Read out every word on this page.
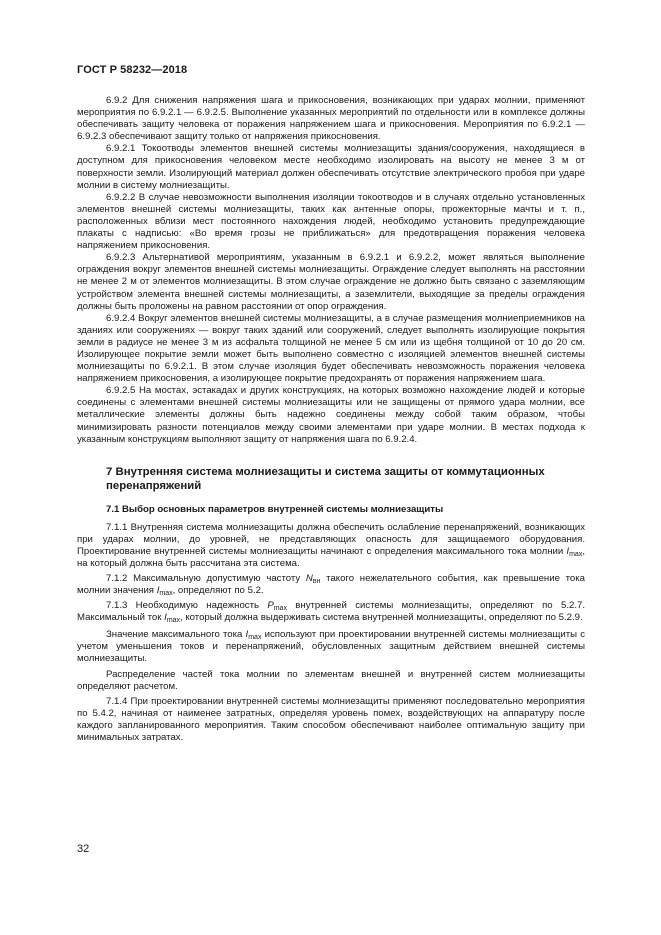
ГОСТ Р 58232—2018

6.9.2 Для снижения напряжения шага и прикосновения, возникающих при ударах молнии, применяют мероприятия по 6.9.2.1 — 6.9.2.5. Выполнение указанных мероприятий по отдельности или в комплексе должны обеспечивать защиту человека от поражения напряжением шага и прикосновения. Мероприятия по 6.9.2.1 — 6.9.2.3 обеспечивают защиту только от напряжения прикосновения.

6.9.2.1 Токоотводы элементов внешней системы молниезащиты здания/сооружения, находящиеся в доступном для прикосновения человеком месте необходимо изолировать на высоту не менее 3 м от поверхности земли. Изолирующий материал должен обеспечивать отсутствие электрического пробоя при ударе молнии в систему молниезащиты.

6.9.2.2 В случае невозможности выполнения изоляции токоотводов и в случаях отдельно установленных элементов внешней системы молниезащиты, таких как антенные опоры, прожекторные мачты и т. п., расположенных вблизи мест постоянного нахождения людей, необходимо установить предупреждающие плакаты с надписью: «Во время грозы не приближаться» для предотвращения поражения человека напряжением прикосновения.

6.9.2.3 Альтернативой мероприятиям, указанным в 6.9.2.1 и 6.9.2.2, может являться выполнение ограждения вокруг элементов внешней системы молниезащиты. Ограждение следует выполнять на расстоянии не менее 2 м от элементов молниезащиты. В этом случае ограждение не должно быть связано с заземляющим устройством элемента внешней системы молниезащиты, а заземлители, выходящие за пределы ограждения должны быть проложены на равном расстоянии от опор ограждения.

6.9.2.4 Вокруг элементов внешней системы молниезащиты, а в случае размещения молниеприемников на зданиях или сооружениях — вокруг таких зданий или сооружений, следует выполнять изолирующие покрытия земли в радиусе не менее 3 м из асфальта толщиной не менее 5 см или из щебня толщиной от 10 до 20 см. Изолирующее покрытие земли может быть выполнено совместно с изоляцией элементов внешней системы молниезащиты по 6.9.2.1. В этом случае изоляция будет обеспечивать невозможность поражения человека напряжением прикосновения, а изолирующее покрытие предохранять от поражения напряжением шага.

6.9.2.5 На мостах, эстакадах и других конструкциях, на которых возможно нахождение людей и которые соединены с элементами внешней системы молниезащиты или не защищены от прямого удара молнии, все металлические элементы должны быть надежно соединены между собой таким образом, чтобы минимизировать разности потенциалов между своими элементами при ударе молнии. В местах подхода к указанным конструкциям выполняют защиту от напряжения шага по 6.9.2.4.

7 Внутренняя система молниезащиты и система защиты от коммутационных перенапряжений
7.1 Выбор основных параметров внутренней системы молниезащиты

7.1.1 Внутренняя система молниезащиты должна обеспечить ослабление перенапряжений, возникающих при ударах молнии, до уровней, не представляющих опасность для защищаемого оборудования. Проектирование внутренней системы молниезащиты начинают с определения максимального тока молнии $I_{max}$, на который должна быть рассчитана эта система.

7.1.2 Максимальную допустимую частоту $N_{вн}$ такого нежелательного события, как превышение тока молнии значения $I_{max}$, определяют по 5.2.

7.1.3 Необходимую надежность $P_{max}$ внутренней системы молниезащиты, определяют по 5.2.7. Максимальный ток $I_{max}$, который должна выдерживать система внутренней молниезащиты, определяют по 5.2.9.

Значение максимального тока $I_{max}$ используют при проектировании внутренней системы молниезащиты с учетом уменьшения токов и перенапряжений, обусловленных защитным действием внешней системы молниезащиты.

Распределение частей тока молнии по элементам внешней и внутренней систем молниезащиты определяют расчетом.

7.1.4 При проектировании внутренней системы молниезащиты применяют последовательно мероприятия по 5.4.2, начиная от наименее затратных, определяя уровень помех, воздействующих на аппаратуру после каждого запланированного мероприятия. Таким способом обеспечивают наиболее оптимальную защиту при минимальных затратах.

32
